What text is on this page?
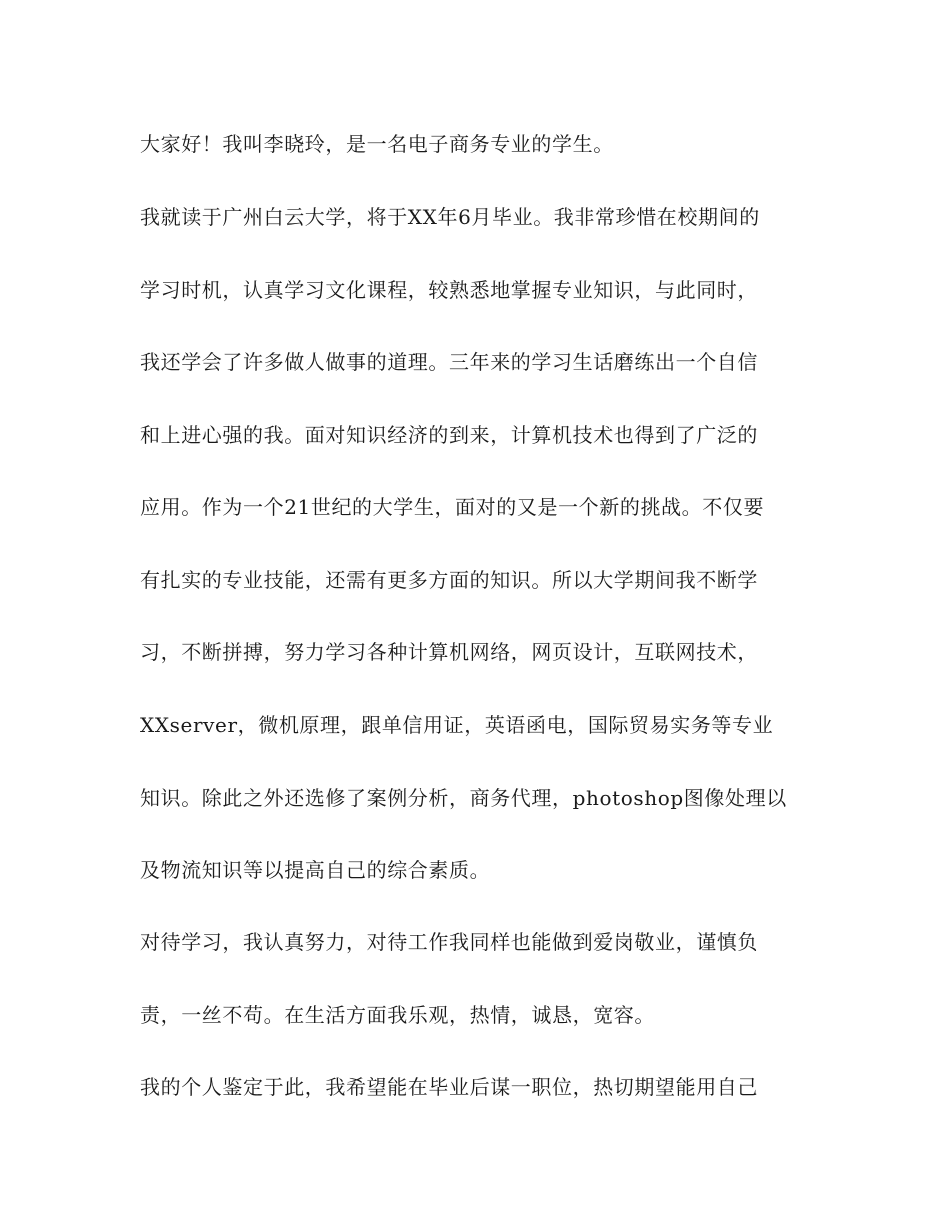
大家好！我叫李晓玲，是一名电子商务专业的学生。
我就读于广州白云大学，将于XX年6月毕业。我非常珍惜在校期间的
学习时机，认真学习文化课程，较熟悉地掌握专业知识，与此同时，
我还学会了许多做人做事的道理。三年来的学习生话磨练出一个自信
和上进心强的我。面对知识经济的到来，计算机技术也得到了广泛的
应用。作为一个21世纪的大学生，面对的又是一个新的挑战。不仅要
有扎实的专业技能，还需有更多方面的知识。所以大学期间我不断学
习，不断拼搏，努力学习各种计算机网络，网页设计，互联网技术，
XXserver，微机原理，跟单信用证，英语函电，国际贸易实务等专业
知识。除此之外还选修了案例分析，商务代理，photoshop图像处理以
及物流知识等以提高自己的综合素质。
对待学习，我认真努力，对待工作我同样也能做到爱岗敬业，谨慎负
责，一丝不苟。在生活方面我乐观，热情，诚恳，宽容。
我的个人鉴定于此，我希望能在毕业后谋一职位，热切期望能用自己
